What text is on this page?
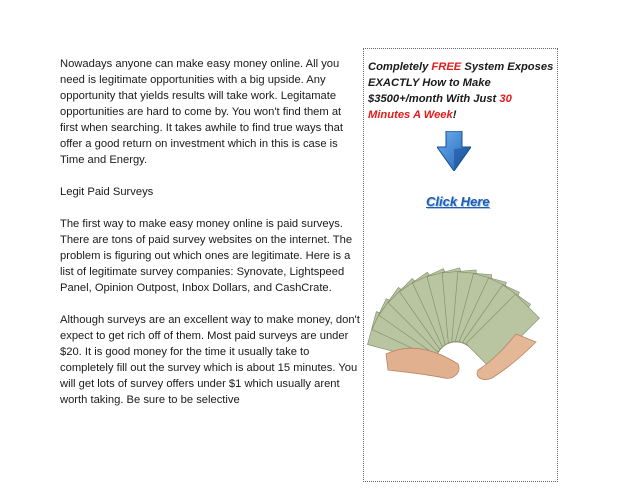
Nowadays anyone can make easy money online. All you need is legitimate opportunities with a big upside. Any opportunity that yields results will take work. Legitamate opportunities are hard to come by. You won't find them at first when searching. It takes awhile to find true ways that offer a good return on investment which in this is case is Time and Energy.

Legit Paid Surveys

The first way to make easy money online is paid surveys. There are tons of paid survey websites on the internet. The problem is figuring out which ones are legitimate. Here is a list of legitimate survey companies: Synovate, Lightspeed Panel, Opinion Outpost, Inbox Dollars, and CashCrate.

Although surveys are an excellent way to make money, don't expect to get rich off of them. Most paid surveys are under $20. It is good money for the time it usually take to completely fill out the survey which is about 15 minutes. You will get lots of survey offers under $1 which usually arent worth taking. Be sure to be selective

Completely FREE System Exposes EXACTLY How to Make $3500+/month With Just 30 Minutes A Week!
Click Here
